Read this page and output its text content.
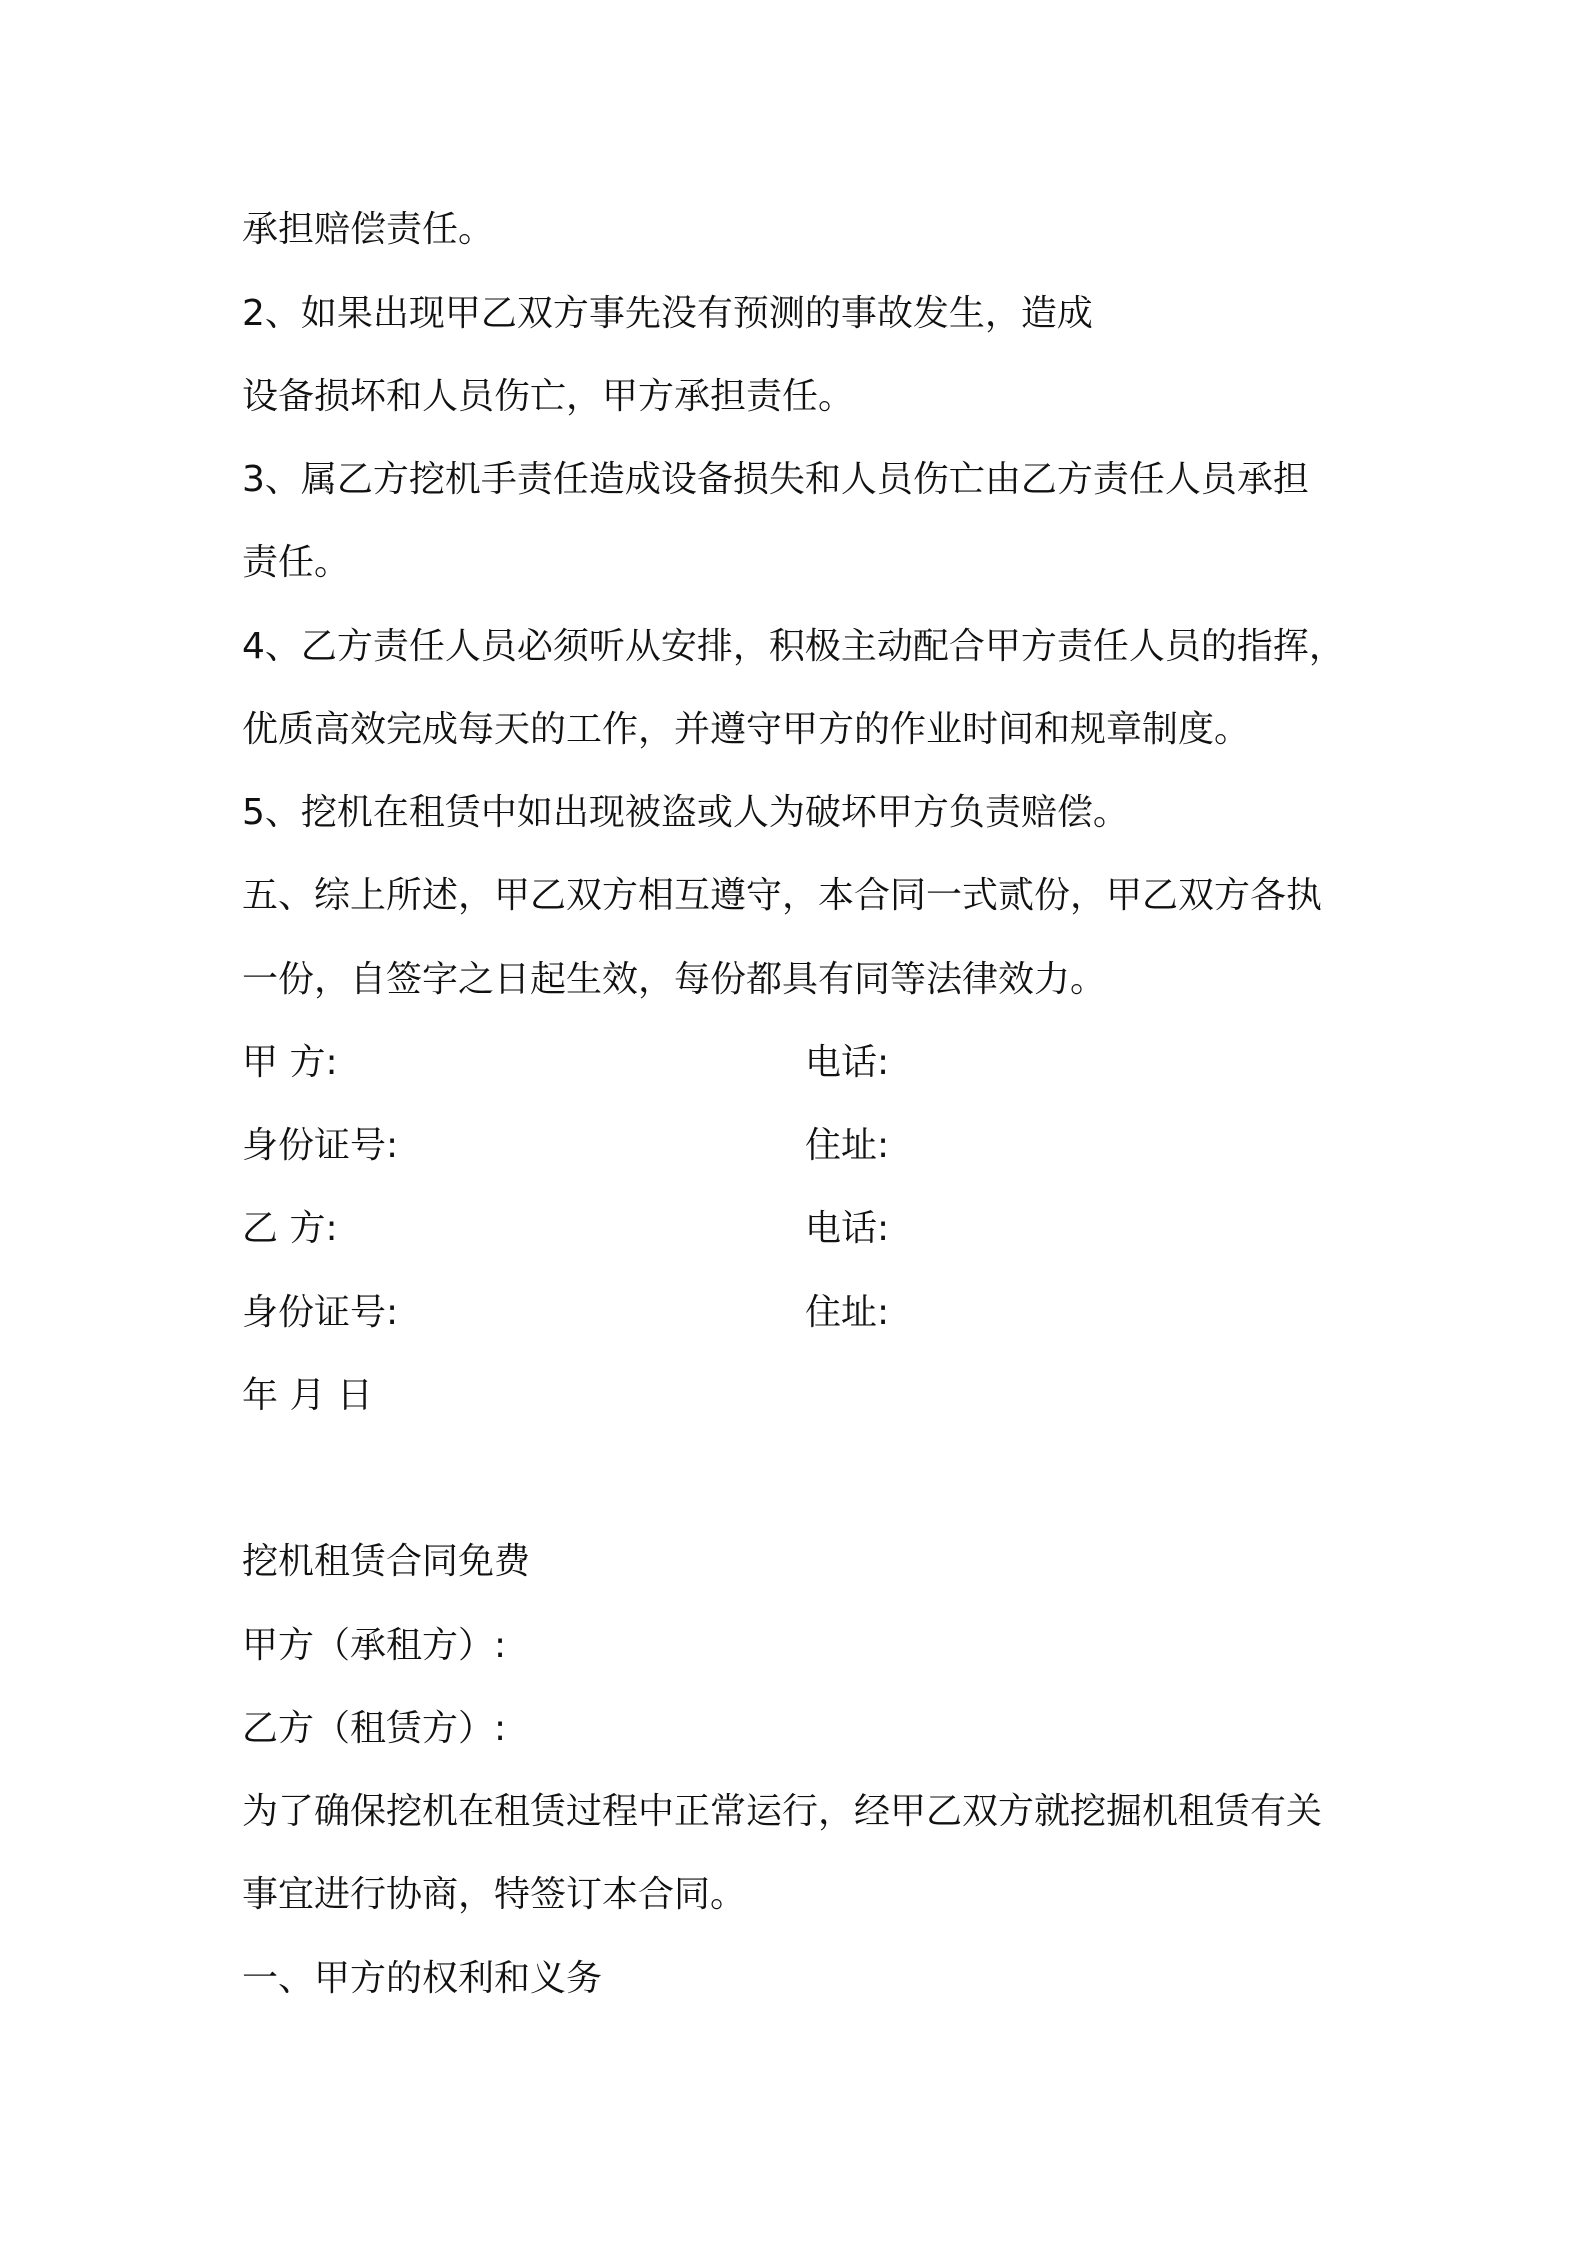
承担赔偿责任。
2、如果出现甲乙双方事先没有预测的事故发生，造成
设备损坏和人员伤亡，甲方承担责任。
3、属乙方挖机手责任造成设备损失和人员伤亡由乙方责任人员承担
责任。
4、乙方责任人员必须听从安排，积极主动配合甲方责任人员的指挥，
优质高效完成每天的工作，并遵守甲方的作业时间和规章制度。
5、挖机在租赁中如出现被盗或人为破坏甲方负责赔偿。
五、综上所述，甲乙双方相互遵守，本合同一式贰份，甲乙双方各执
一份，自签字之日起生效，每份都具有同等法律效力。
甲 方:	电话:
身份证号:	住址:
乙 方:	电话:
身份证号:	住址:
年 月 日
挖机租赁合同免费
甲方（承租方）:
乙方（租赁方）:
为了确保挖机在租赁过程中正常运行，经甲乙双方就挖掘机租赁有关
事宜进行协商，特签订本合同。
一、甲方的权利和义务
